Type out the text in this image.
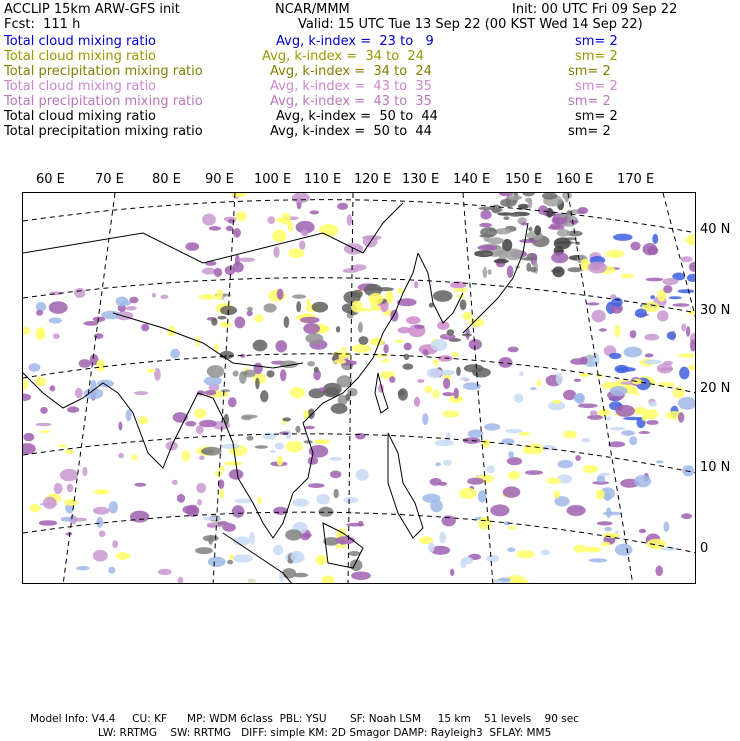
ACCLIP 15km ARW-GFS init	NCAR/MMM	Init: 00 UTC Fri 09 Sep 22
Fcst:  111 h	Valid: 15 UTC Tue 13 Sep 22 (00 KST Wed 14 Sep 22)
Total cloud mixing ratio	Avg, k-index =  23 to   9	sm= 2
Total cloud mixing ratio	Avg, k-index =  34 to  24	sm= 2
Total precipitation mixing ratio	Avg, k-index =  34 to  24	sm= 2
Total cloud mixing ratio	Avg, k-index =  43 to  35	sm= 2
Total precipitation mixing ratio	Avg, k-index =  43 to  35	sm= 2
Total cloud mixing ratio	Avg, k-index =  50 to  44	sm= 2
Total precipitation mixing ratio	Avg, k-index =  50 to  44	sm= 2
60 E 70 E 80 E 90 E 100 E 110 E 120 E 130 E 140 E 150 E 160 E 170 E
40 N
30 N
20 N
10 N
0
Model Info: V4.4     CU: KF      MP: WDM 6class  PBL: YSU       SF: Noah LSM     15 km    51 levels    90 sec
LW: RRTMG    SW: RRTMG   DIFF: simple KM: 2D Smagor DAMP: Rayleigh3  SFLAY: MM5
